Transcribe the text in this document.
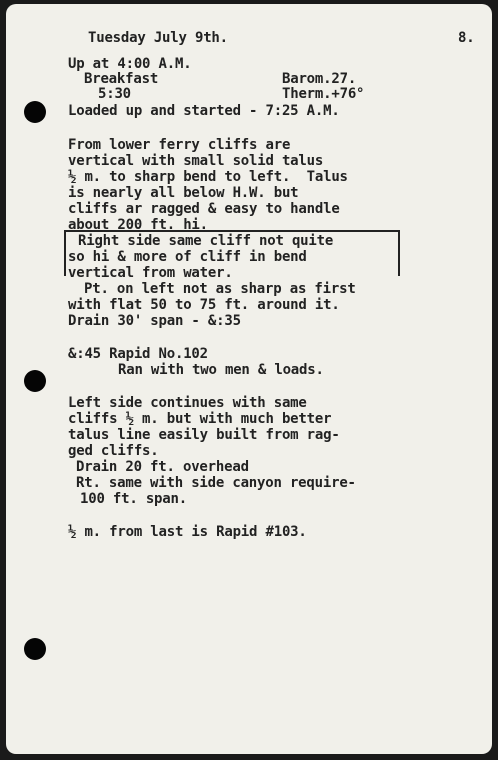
Tuesday July 9th.	8.
Up at 4:00 A.M.
Breakfast
5:30
Barom.27.
Therm.+76°
Loaded up and started - 7:25 A.M.
From lower ferry cliffs are
vertical with small solid talus
½ m. to sharp bend to left.  Talus
is nearly all below H.W. but
cliffs ar ragged & easy to handle
about 200 ft. hi.
Right side same cliff not quite
so hi & more of cliff in bend
vertical from water.
Pt. on left not as sharp as first
with flat 50 to 75 ft. around it.
Drain 30' span - &:35
&:45 Rapid No.102
Ran with two men & loads.
Left side continues with same
cliffs ½ m. but with much better
talus line easily built from rag-
ged cliffs.
Drain 20 ft. overhead
Rt. same with side canyon require-
100 ft. span.
½ m. from last is Rapid #103.
